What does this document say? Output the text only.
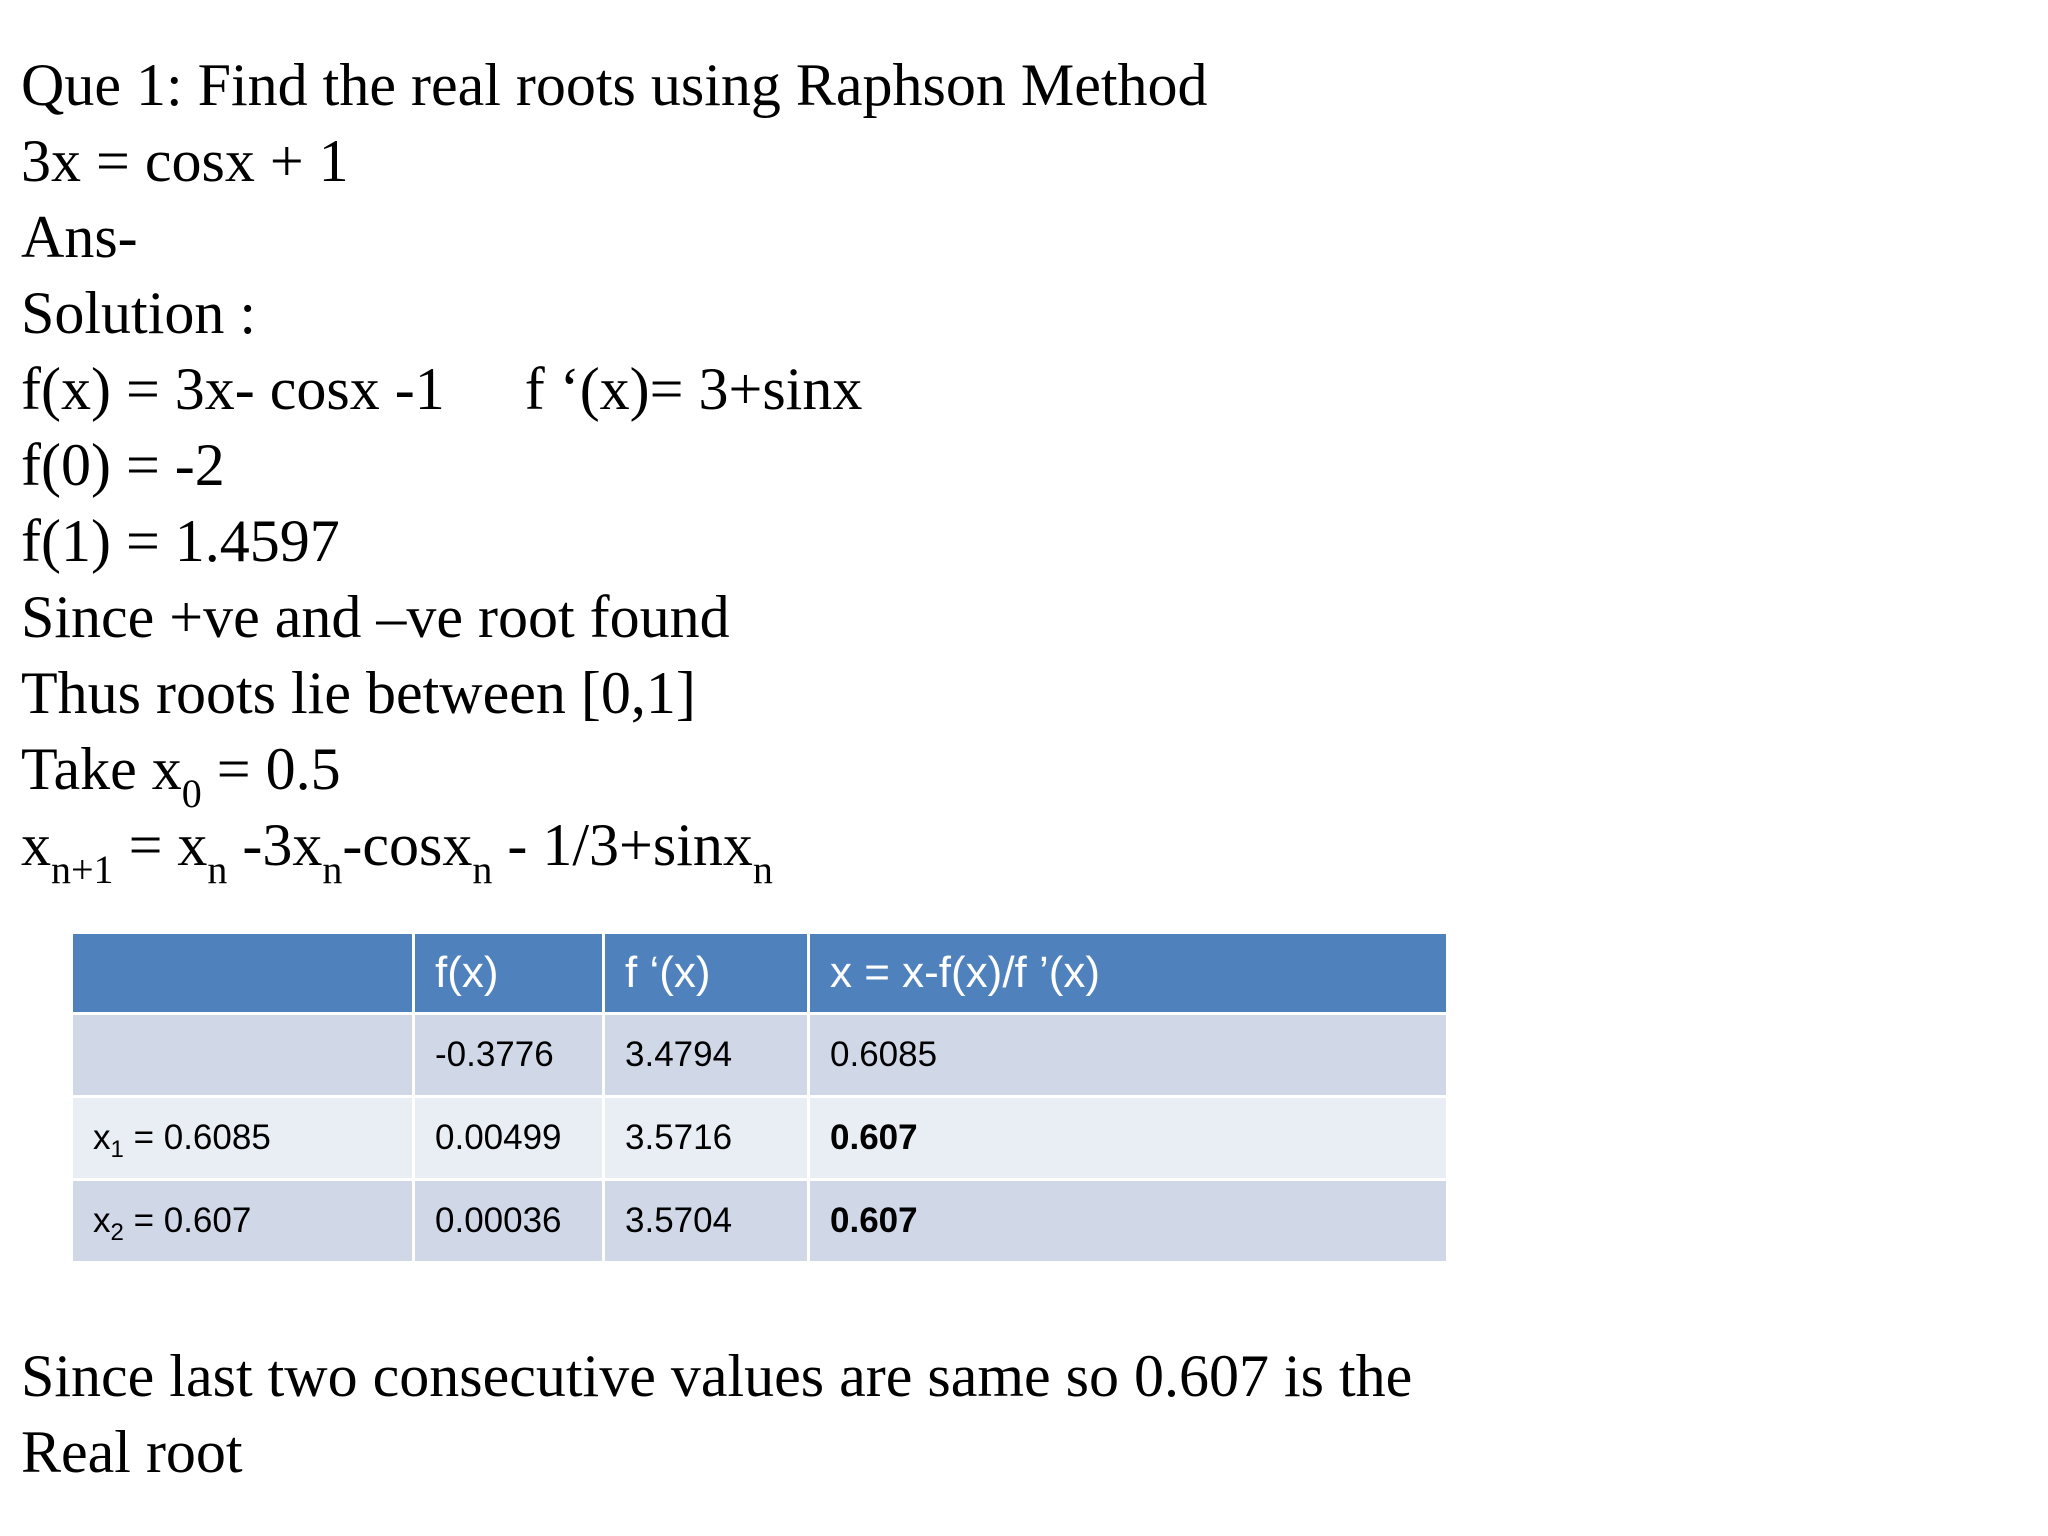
Que 1: Find the real roots using Raphson Method
3x = cosx + 1
Ans-
Solution :
f(x) = 3x- cosx -1 f ‘(x)= 3+sinx
f(0) = -2
f(1) = 1.4597
Since +ve and –ve root found
Thus roots lie between [0,1]
Take $x_0 = 0.5$
$x_{n+1} = x_n$ $-3x_n-\cos x_n - 1/3+\sin x_n$
	f(x)	f ‘(x)	x = x-f(x)/f ’(x)
	-0.3776	3.4794	0.6085
$x_1 = 0.6085$	0.00499	3.5716	0.607
$x_2 = 0.607$	0.00036	3.5704	0.607
Since last two consecutive values are same so 0.607 is the
Real root
